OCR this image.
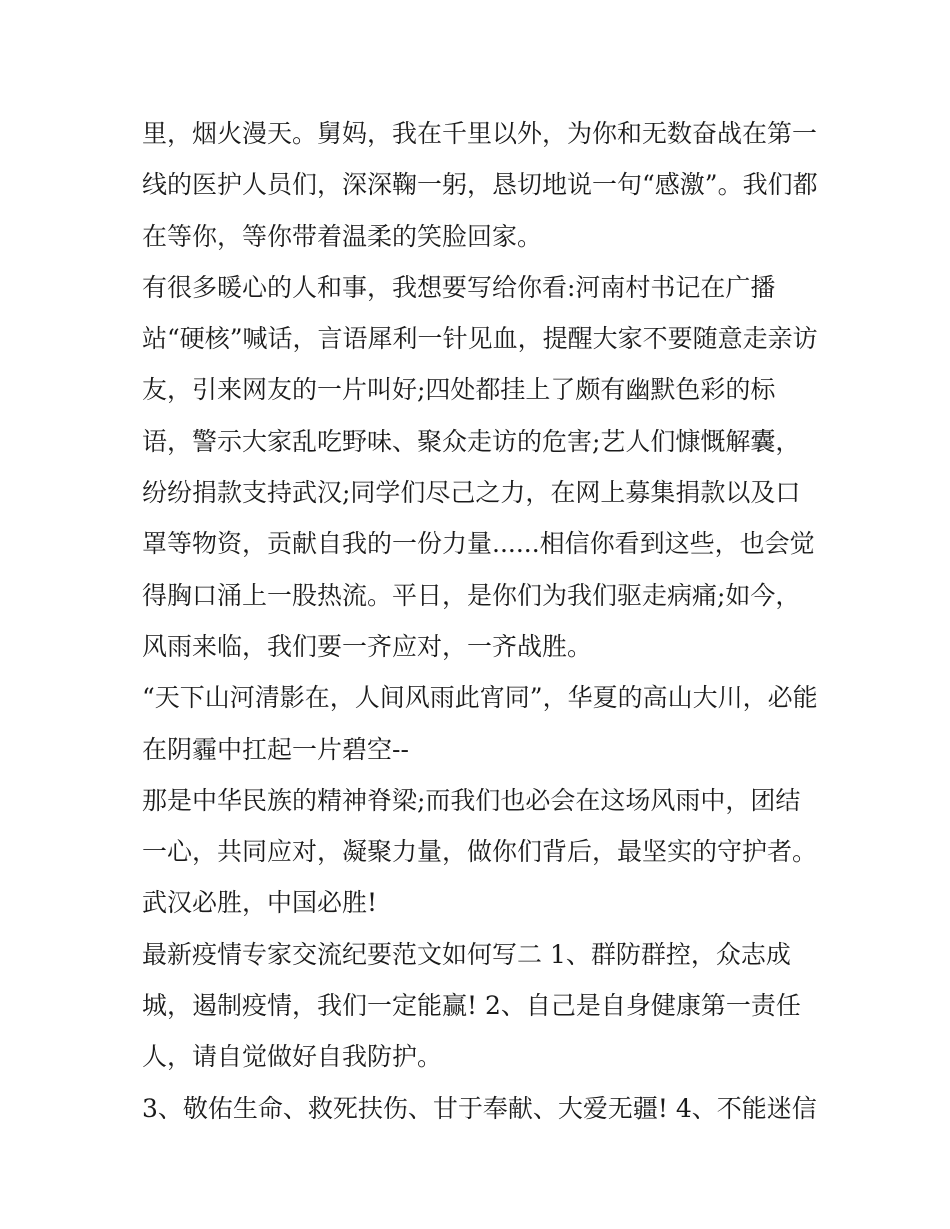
里，烟火漫天。舅妈，我在千里以外，为你和无数奋战在第一
线的医护人员们，深深鞠一躬，恳切地说一句“感激”。我们都
在等你，等你带着温柔的笑脸回家。
有很多暖心的人和事，我想要写给你看:河南村书记在广播
站“硬核”喊话，言语犀利一针见血，提醒大家不要随意走亲访
友，引来网友的一片叫好;四处都挂上了颇有幽默色彩的标
语，警示大家乱吃野味、聚众走访的危害;艺人们慷慨解囊，
纷纷捐款支持武汉;同学们尽己之力，在网上募集捐款以及口
罩等物资，贡献自我的一份力量......相信你看到这些，也会觉
得胸口涌上一股热流。平日，是你们为我们驱走病痛;如今，
风雨来临，我们要一齐应对，一齐战胜。
“天下山河清影在，人间风雨此宵同”，华夏的高山大川，必能
在阴霾中扛起一片碧空--
那是中华民族的精神脊梁;而我们也必会在这场风雨中，团结
一心，共同应对，凝聚力量，做你们背后，最坚实的守护者。
武汉必胜，中国必胜!
最新疫情专家交流纪要范文如何写二 1、群防群控，众志成
城，遏制疫情，我们一定能赢! 2、自己是自身健康第一责任
人，请自觉做好自我防护。
3、敬佑生命、救死扶伤、甘于奉献、大爱无疆! 4、不能迷信
